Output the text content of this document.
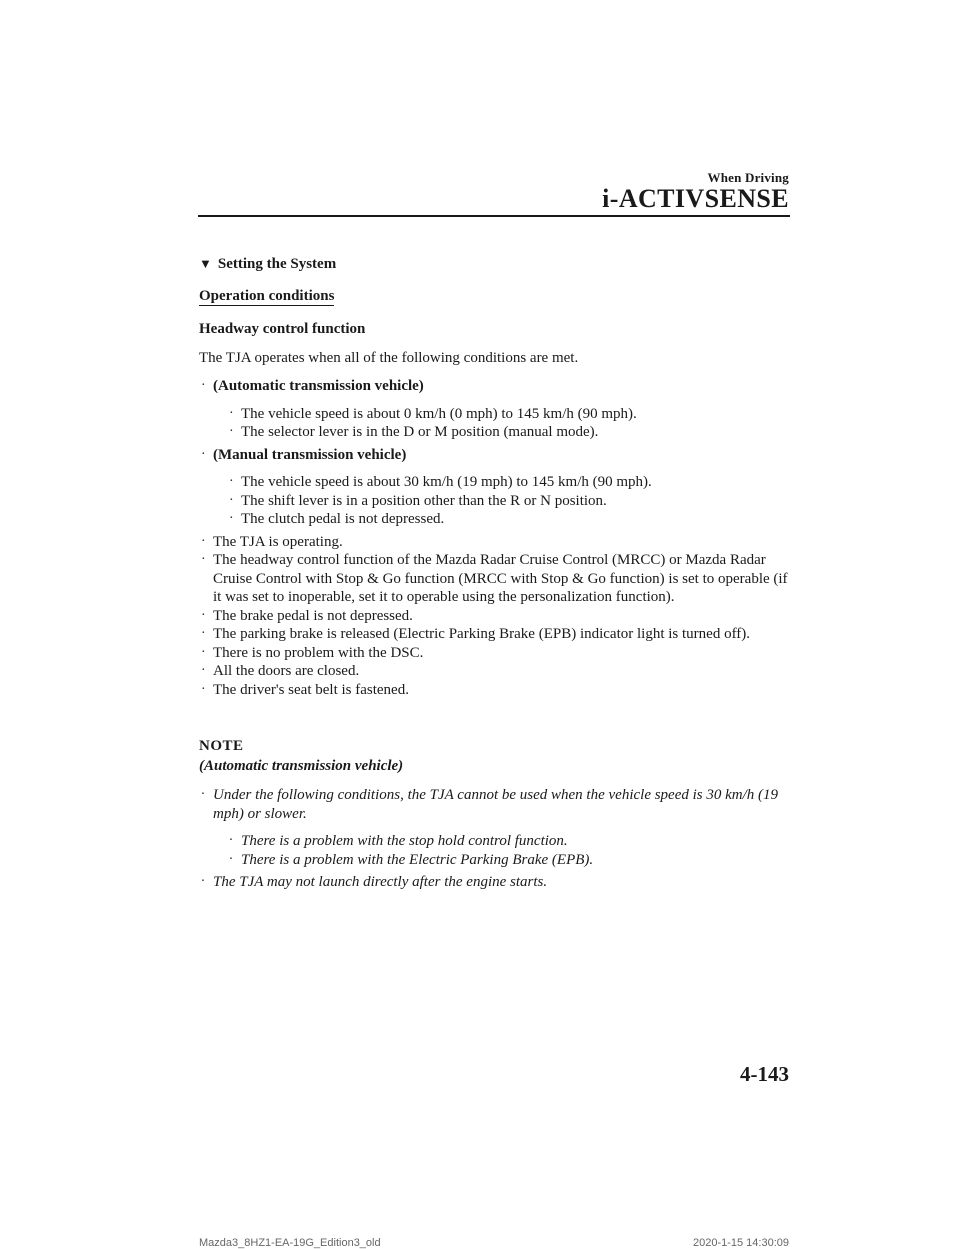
When Driving
i-ACTIVSENSE
▼ Setting the System
Operation conditions
Headway control function
The TJA operates when all of the following conditions are met.
· (Automatic transmission vehicle)
· The vehicle speed is about 0 km/h (0 mph) to 145 km/h (90 mph).
· The selector lever is in the D or M position (manual mode).
· (Manual transmission vehicle)
· The vehicle speed is about 30 km/h (19 mph) to 145 km/h (90 mph).
· The shift lever is in a position other than the R or N position.
· The clutch pedal is not depressed.
· The TJA is operating.
· The headway control function of the Mazda Radar Cruise Control (MRCC) or Mazda Radar Cruise Control with Stop & Go function (MRCC with Stop & Go function) is set to operable (if it was set to inoperable, set it to operable using the personalization function).
· The brake pedal is not depressed.
· The parking brake is released (Electric Parking Brake (EPB) indicator light is turned off).
· There is no problem with the DSC.
· All the doors are closed.
· The driver's seat belt is fastened.
NOTE
(Automatic transmission vehicle)
· Under the following conditions, the TJA cannot be used when the vehicle speed is 30 km/h (19 mph) or slower.
· There is a problem with the stop hold control function.
· There is a problem with the Electric Parking Brake (EPB).
· The TJA may not launch directly after the engine starts.
4-143
Mazda3_8HZ1-EA-19G_Edition3_old	2020-1-15 14:30:09
